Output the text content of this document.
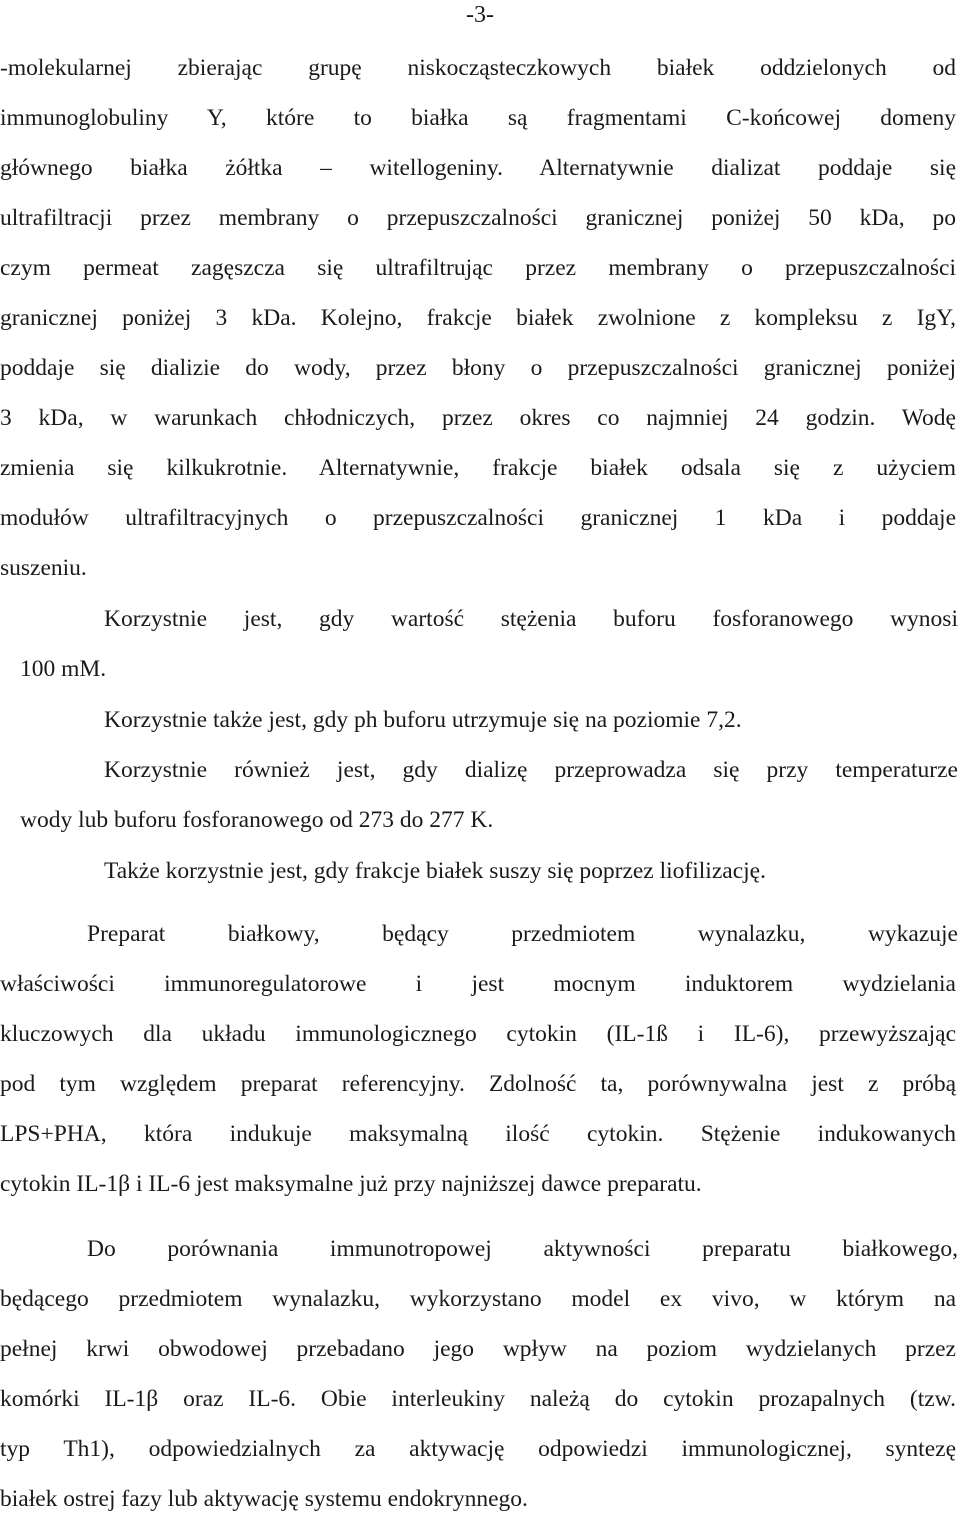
-3-
-molekularnej zbierając grupę niskocząsteczkowych białek oddzielonych od
immunoglobuliny Y, które to białka są fragmentami C-końcowej domeny
głównego białka żółtka – witellogeniny. Alternatywnie dializat poddaje się
ultrafiltracji przez membrany o przepuszczalności granicznej poniżej 50 kDa, po
czym permeat zagęszcza się ultrafiltrując przez membrany o przepuszczalności
granicznej poniżej 3 kDa. Kolejno, frakcje białek zwolnione z kompleksu z IgY,
poddaje się dializie do wody, przez błony o przepuszczalności granicznej poniżej
3 kDa, w warunkach chłodniczych, przez okres co najmniej 24 godzin. Wodę
zmienia się kilkukrotnie. Alternatywnie, frakcje białek odsala się z użyciem
modułów ultrafiltracyjnych o przepuszczalności granicznej 1 kDa i poddaje
suszeniu.
Korzystnie jest, gdy wartość stężenia buforu fosforanowego wynosi
100 mM.
Korzystnie także jest, gdy ph buforu utrzymuje się na poziomie 7,2.
Korzystnie również jest, gdy dializę przeprowadza się przy temperaturze
wody lub buforu fosforanowego od 273 do 277 K.
Także korzystnie jest, gdy frakcje białek suszy się poprzez liofilizację.
Preparat białkowy, będący przedmiotem wynalazku, wykazuje
właściwości immunoregulatorowe i jest mocnym induktorem wydzielania
kluczowych dla układu immunologicznego cytokin (IL-1ß i IL-6), przewyższając
pod tym względem preparat referencyjny. Zdolność ta, porównywalna jest z próbą
LPS+PHA, która indukuje maksymalną ilość cytokin. Stężenie indukowanych
cytokin IL-1β i IL-6 jest maksymalne już przy najniższej dawce preparatu.
Do porównania immunotropowej aktywności preparatu białkowego,
będącego przedmiotem wynalazku, wykorzystano model ex vivo, w którym na
pełnej krwi obwodowej przebadano jego wpływ na poziom wydzielanych przez
komórki IL-1β oraz IL-6. Obie interleukiny należą do cytokin prozapalnych (tzw.
typ Th1), odpowiedzialnych za aktywację odpowiedzi immunologicznej, syntezę
białek ostrej fazy lub aktywację systemu endokrynnego.
